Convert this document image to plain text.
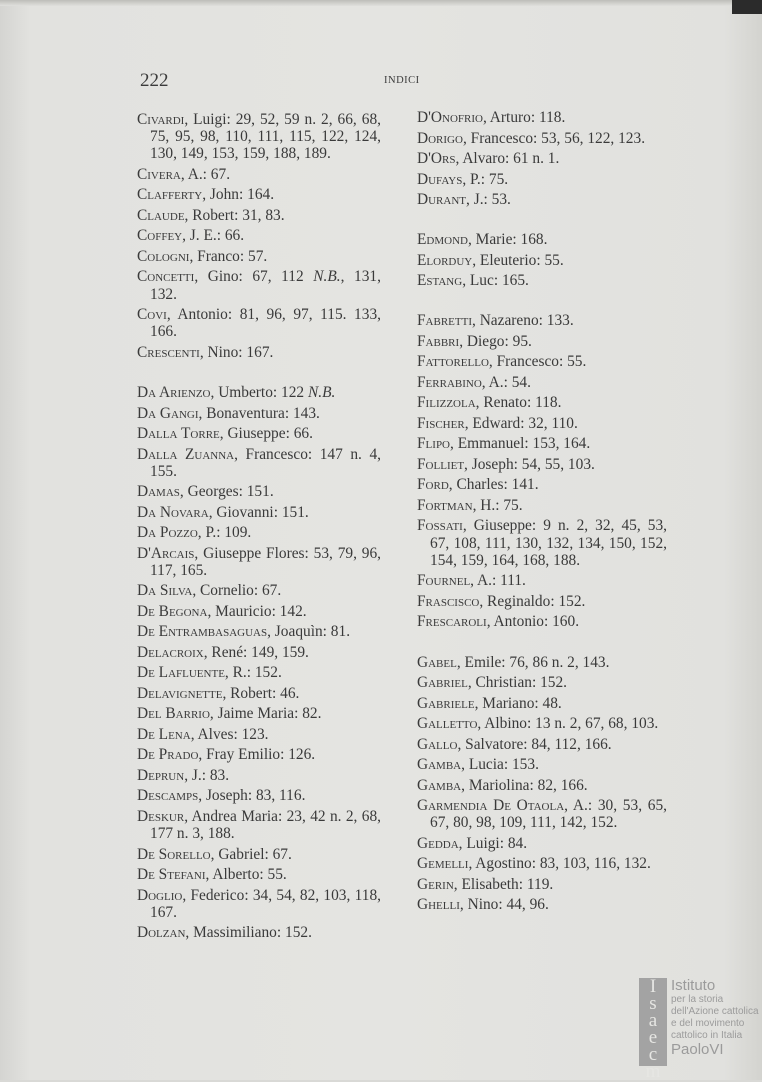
222	INDICI
Civardi, Luigi: 29, 52, 59 n. 2, 66, 68, 75, 95, 98, 110, 111, 115, 122, 124, 130, 149, 153, 159, 188, 189.
Civera, A.: 67.
Clafferty, John: 164.
Claude, Robert: 31, 83.
Coffey, J. E.: 66.
Cologni, Franco: 57.
Concetti, Gino: 67, 112 N.B., 131, 132.
Covi, Antonio: 81, 96, 97, 115. 133, 166.
Crescenti, Nino: 167.
Da Arienzo, Umberto: 122 N.B.
Da Gangi, Bonaventura: 143.
Dalla Torre, Giuseppe: 66.
Dalla Zuanna, Francesco: 147 n. 4, 155.
Damas, Georges: 151.
Da Novara, Giovanni: 151.
Da Pozzo, P.: 109.
D'Arcais, Giuseppe Flores: 53, 79, 96, 117, 165.
Da Silva, Cornelio: 67.
De Begona, Mauricio: 142.
De Entrambasaguas, Joaquìn: 81.
Delacroix, René: 149, 159.
De Lafluente, R.: 152.
Delavignette, Robert: 46.
Del Barrio, Jaime Maria: 82.
De Lena, Alves: 123.
De Prado, Fray Emilio: 126.
Deprun, J.: 83.
Descamps, Joseph: 83, 116.
Deskur, Andrea Maria: 23, 42 n. 2, 68, 177 n. 3, 188.
De Sorello, Gabriel: 67.
De Stefani, Alberto: 55.
Doglio, Federico: 34, 54, 82, 103, 118, 167.
Dolzan, Massimiliano: 152.
D'Onofrio, Arturo: 118.
Dorigo, Francesco: 53, 56, 122, 123.
D'Ors, Alvaro: 61 n. 1.
Dufays, P.: 75.
Durant, J.: 53.
Edmond, Marie: 168.
Elorduy, Eleuterio: 55.
Estang, Luc: 165.
Fabretti, Nazareno: 133.
Fabbri, Diego: 95.
Fattorello, Francesco: 55.
Ferrabino, A.: 54.
Filizzola, Renato: 118.
Fischer, Edward: 32, 110.
Flipo, Emmanuel: 153, 164.
Folliet, Joseph: 54, 55, 103.
Ford, Charles: 141.
Fortman, H.: 75.
Fossati, Giuseppe: 9 n. 2, 32, 45, 53, 67, 108, 111, 130, 132, 134, 150, 152, 154, 159, 164, 168, 188.
Fournel, A.: 111.
Frascisco, Reginaldo: 152.
Frescaroli, Antonio: 160.
Gabel, Emile: 76, 86 n. 2, 143.
Gabriel, Christian: 152.
Gabriele, Mariano: 48.
Galletto, Albino: 13 n. 2, 67, 68, 103.
Gallo, Salvatore: 84, 112, 166.
Gamba, Lucia: 153.
Gamba, Mariolina: 82, 166.
Garmendia De Otaola, A.: 30, 53, 65, 67, 80, 98, 109, 111, 142, 152.
Gedda, Luigi: 84.
Gemelli, Agostino: 83, 103, 116, 132.
Gerin, Elisabeth: 119.
Ghelli, Nino: 44, 96.
I
s
a
e
c
m
Istituto
per la storia
dell'Azione cattolica
e del movimento
cattolico in Italia
PaoloVI
